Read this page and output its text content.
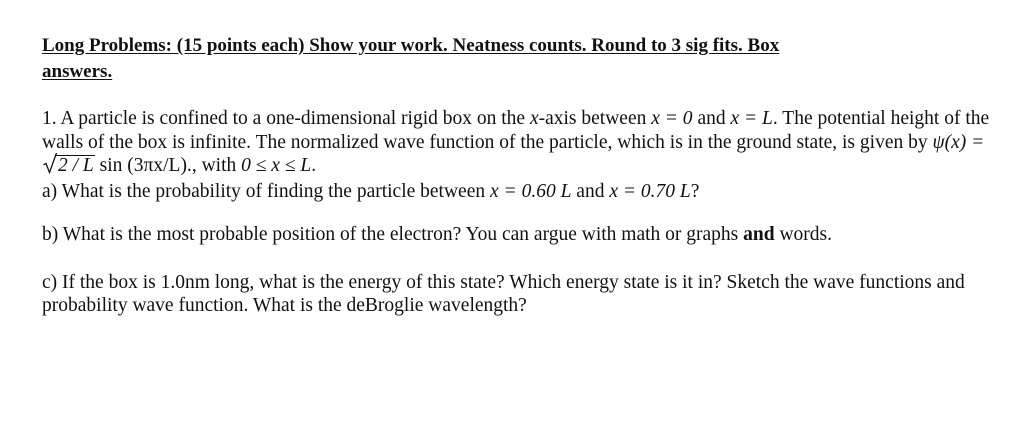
Long Problems: (15 points each) Show your work. Neatness counts. Round to 3 sig fits. Box
answers.

1. A particle is confined to a one-dimensional rigid box on the x-axis between x = 0 and x = L. The potential height of the walls of the box is infinite. The normalized wave function of the particle, which is in the ground state, is given by ψ(x) =
2 / L sin (3πx/L)., with 0 ≤ x ≤ L.

a) What is the probability of finding the particle between x = 0.60 L and x = 0.70 L?

b) What is the most probable position of the electron? You can argue with math or graphs and words.

c) If the box is 1.0nm long, what is the energy of this state? Which energy state is it in? Sketch the wave functions and probability wave function. What is the deBroglie wavelength?
